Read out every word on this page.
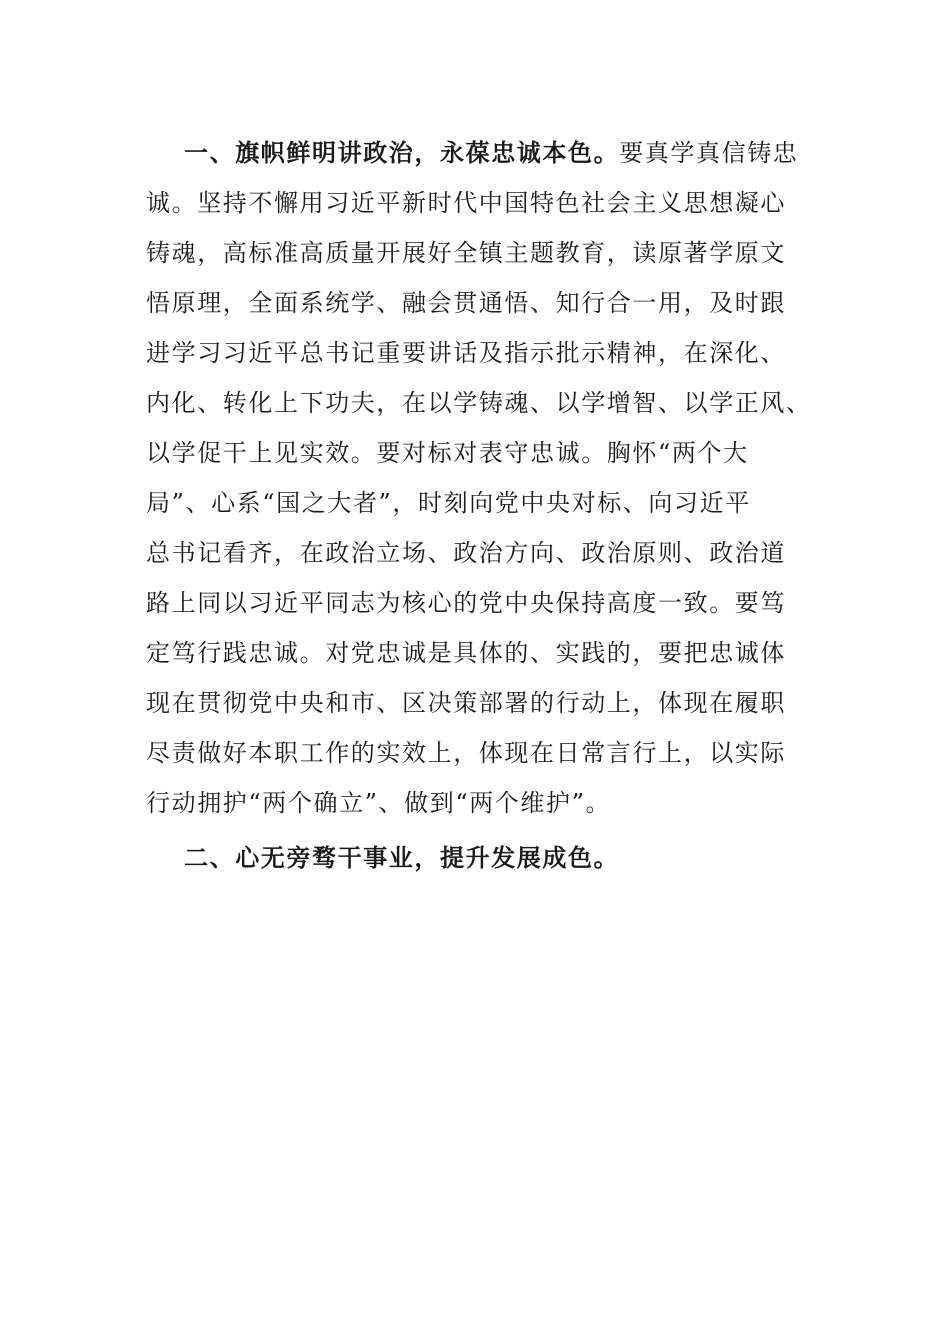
一、旗帜鲜明讲政治，永葆忠诚本色。要真学真信铸忠
诚。坚持不懈用习近平新时代中国特色社会主义思想凝心
铸魂，高标准高质量开展好全镇主题教育，读原著学原文
悟原理，全面系统学、融会贯通悟、知行合一用，及时跟
进学习习近平总书记重要讲话及指示批示精神，在深化、
内化、转化上下功夫，在以学铸魂、以学增智、以学正风、
以学促干上见实效。要对标对表守忠诚。胸怀“两个大
局”、心系“国之大者”，时刻向党中央对标、向习近平
总书记看齐，在政治立场、政治方向、政治原则、政治道
路上同以习近平同志为核心的党中央保持高度一致。要笃
定笃行践忠诚。对党忠诚是具体的、实践的，要把忠诚体
现在贯彻党中央和市、区决策部署的行动上，体现在履职
尽责做好本职工作的实效上，体现在日常言行上，以实际
行动拥护“两个确立”、做到“两个维护”。
二、心无旁骛干事业，提升发展成色。
